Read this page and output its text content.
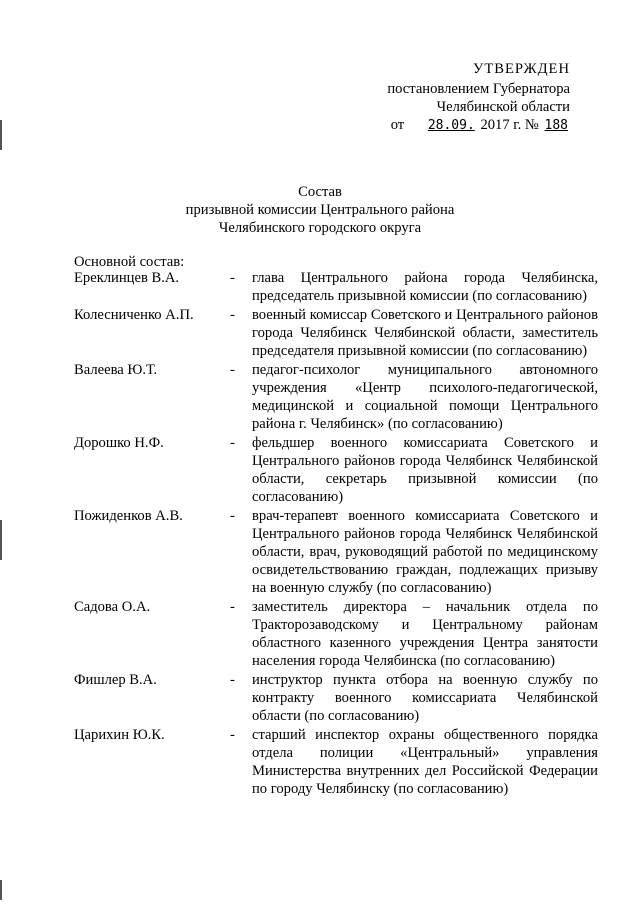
УТВЕРЖДЕН
постановлением Губернатора
Челябинской области
от 28.09. 2017 г. № 188
Состав
призывной комиссии Центрального района
Челябинского городского округа
Основной состав:
Ереклинцев В.А.	-	глава Центрального района города Челябинска, председатель призывной комиссии (по согласованию)
Колесниченко А.П.	-	военный комиссар Советского и Центрального районов города Челябинск Челябинской области, заместитель председателя призывной комиссии (по согласованию)
Валеева Ю.Т.	-	педагог-психолог муниципального автономного учреждения «Центр психолого-педагогической, медицинской и социальной помощи Центрального района г. Челябинск» (по согласованию)
Дорошко Н.Ф.	-	фельдшер военного комиссариата Советского и Центрального районов города Челябинск Челябинской области, секретарь призывной комиссии (по согласованию)
Пожиденков А.В.	-	врач-терапевт военного комиссариата Советского и Центрального районов города Челябинск Челябинской области, врач, руководящий работой по медицинскому освидетельствованию граждан, подлежащих призыву на военную службу (по согласованию)
Садова О.А.	-	заместитель директора – начальник отдела по Тракторозаводскому и Центральному районам областного казенного учреждения Центра занятости населения города Челябинска (по согласованию)
Фишлер В.А.	-	инструктор пункта отбора на военную службу по контракту военного комиссариата Челябинской области (по согласованию)
Царихин Ю.К.	-	старший инспектор охраны общественного порядка отдела полиции «Центральный» управления Министерства внутренних дел Российской Федерации по городу Челябинску (по согласованию)
